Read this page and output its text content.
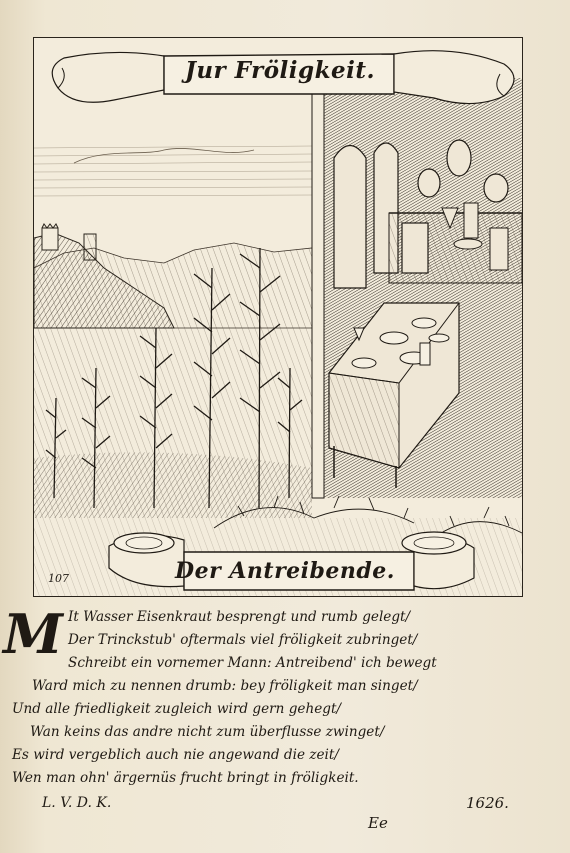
Jur Fröligkeit.
Der Antreibende.
107
M It Wasser Eisenkraut besprengt und rumb gelegt/
Der Trinckstub' oftermals viel fröligkeit zubringet/
Schreibt ein vornemer Mann: Antreibend' ich bewegt
Ward mich zu nennen drumb: bey fröligkeit man singet/
Und alle friedligkeit zugleich wird gern gehegt/
Wan keins das andre nicht zum überflusse zwinget/
Es wird vergeblich auch nie angewand die zeit/
Wen man ohn' ärgernüs frucht bringt in fröligkeit.
L. V. D. K.	1626.
Ee
